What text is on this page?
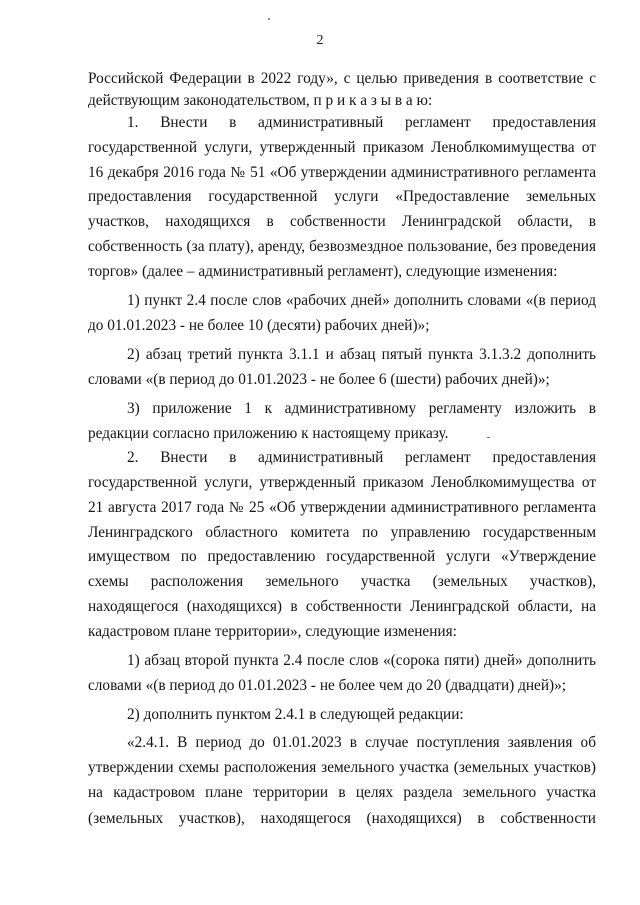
2
Российской Федерации в 2022 году», с целью приведения в соответствие с
действующим законодательством, п р и к а з ы в а ю:
1. Внести в административный регламент предоставления
государственной услуги, утвержденный приказом Леноблкомимущества от
16 декабря 2016 года № 51 «Об утверждении административного регламента
предоставления государственной услуги «Предоставление земельных
участков, находящихся в собственности Ленинградской области, в
собственность (за плату), аренду, безвозмездное пользование, без проведения
торгов» (далее – административный регламент), следующие изменения:
1) пункт 2.4 после слов «рабочих дней» дополнить словами «(в период
до 01.01.2023 - не более 10 (десяти) рабочих дней)»;
2) абзац третий пункта 3.1.1 и абзац пятый пункта 3.1.3.2 дополнить
словами «(в период до 01.01.2023 - не более 6 (шести) рабочих дней)»;
3) приложение 1 к административному регламенту изложить в
редакции согласно приложению к настоящему приказу.
2. Внести в административный регламент предоставления
государственной услуги, утвержденный приказом Леноблкомимущества от
21 августа 2017 года № 25 «Об утверждении административного регламента
Ленинградского областного комитета по управлению государственным
имуществом по предоставлению государственной услуги «Утверждение
схемы расположения земельного участка (земельных участков),
находящегося (находящихся) в собственности Ленинградской области, на
кадастровом плане территории», следующие изменения:
1) абзац второй пункта 2.4 после слов «(сорока пяти) дней» дополнить
словами «(в период до 01.01.2023 - не более чем до 20 (двадцати) дней)»;
2) дополнить пунктом 2.4.1 в следующей редакции:
«2.4.1. В период до 01.01.2023 в случае поступления заявления об
утверждении схемы расположения земельного участка (земельных участков)
на кадастровом плане территории в целях раздела земельного участка
(земельных участков), находящегося (находящихся) в собственности
